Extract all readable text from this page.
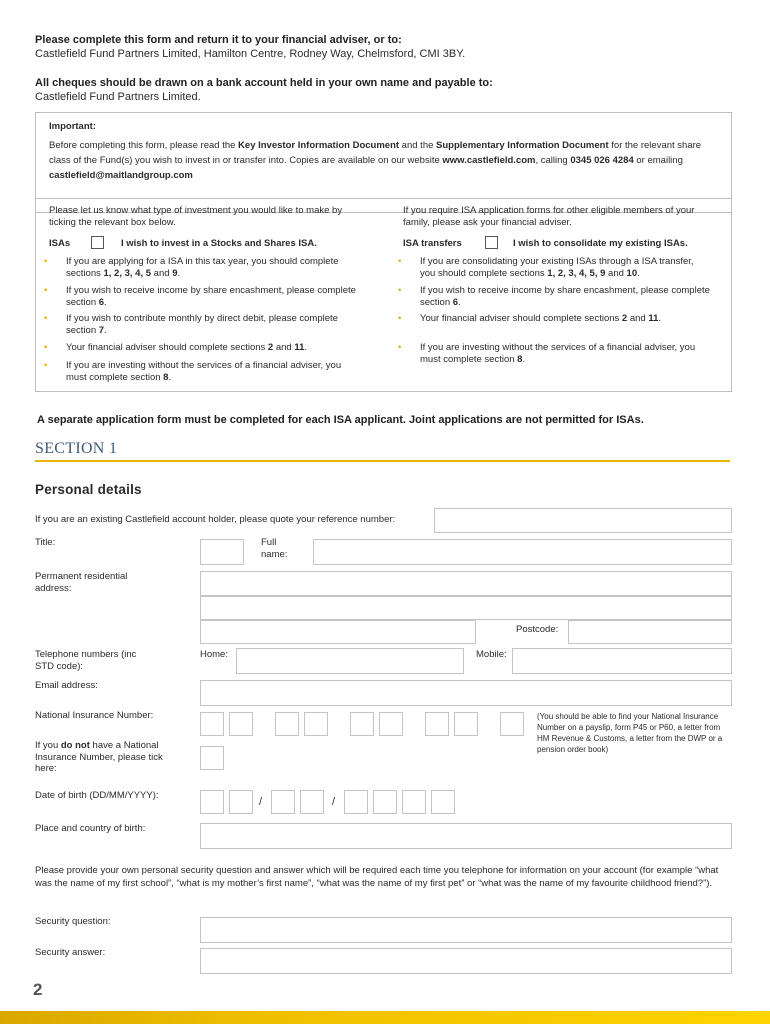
Please complete this form and return it to your financial adviser, or to:
Castlefield Fund Partners Limited, Hamilton Centre, Rodney Way, Chelmsford, CMI 3BY.
All cheques should be drawn on a bank account held in your own name and payable to:
Castlefield Fund Partners Limited.
Important:
Before completing this form, please read the Key Investor Information Document and the Supplementary Information Document for the relevant share class of the Fund(s) you wish to invest in or transfer into. Copies are available on our website www.castlefield.com, calling 0345 026 4284 or emailing castlefield@maitlandgroup.com
Please let us know what type of investment you would like to make by ticking the relevant box below.
ISAs	I wish to invest in a Stocks and Shares ISA.
• If you are applying for a ISA in this tax year, you should complete sections 1, 2, 3, 4, 5 and 9.
• If you wish to receive income by share encashment, please complete section 6.
• If you wish to contribute monthly by direct debit, please complete section 7.
• Your financial adviser should complete sections 2 and 11.
• If you are investing without the services of a financial adviser, you must complete section 8.
If you require ISA application forms for other eligible members of your family, please ask your financial adviser.
ISA transfers	I wish to consolidate my existing ISAs.
• If you are consolidating your existing ISAs through a ISA transfer, you should complete sections 1, 2, 3, 4, 5, 9 and 10.
• If you wish to receive income by share encashment, please complete section 6.
• Your financial adviser should complete sections 2 and 11.
• If you are investing without the services of a financial adviser, you must complete section 8.
A separate application form must be completed for each ISA applicant. Joint applications are not permitted for ISAs.
SECTION 1
Personal details
If you are an existing Castlefield account holder, please quote your reference number:
Title:	Full name:
Permanent residential address:
Postcode:
Telephone numbers (inc STD code):
Home:	Mobile:
Email address:
National Insurance Number:	(You should be able to find your National Insurance Number on a payslip, form P45 or P60, a letter from HM Revenue & Customs, a letter from the DWP or a pension order book)
If you do not have a National Insurance Number, please tick here:
Date of birth (DD/MM/YYYY):
/	/
Place and country of birth:
Please provide your own personal security question and answer which will be required each time you telephone for information on your account (for example “what was the name of my first school”, “what is my mother’s first name”, “what was the name of my first pet” or “what was the name of my favourite childhood friend?”).
Security question:
Security answer:
2
